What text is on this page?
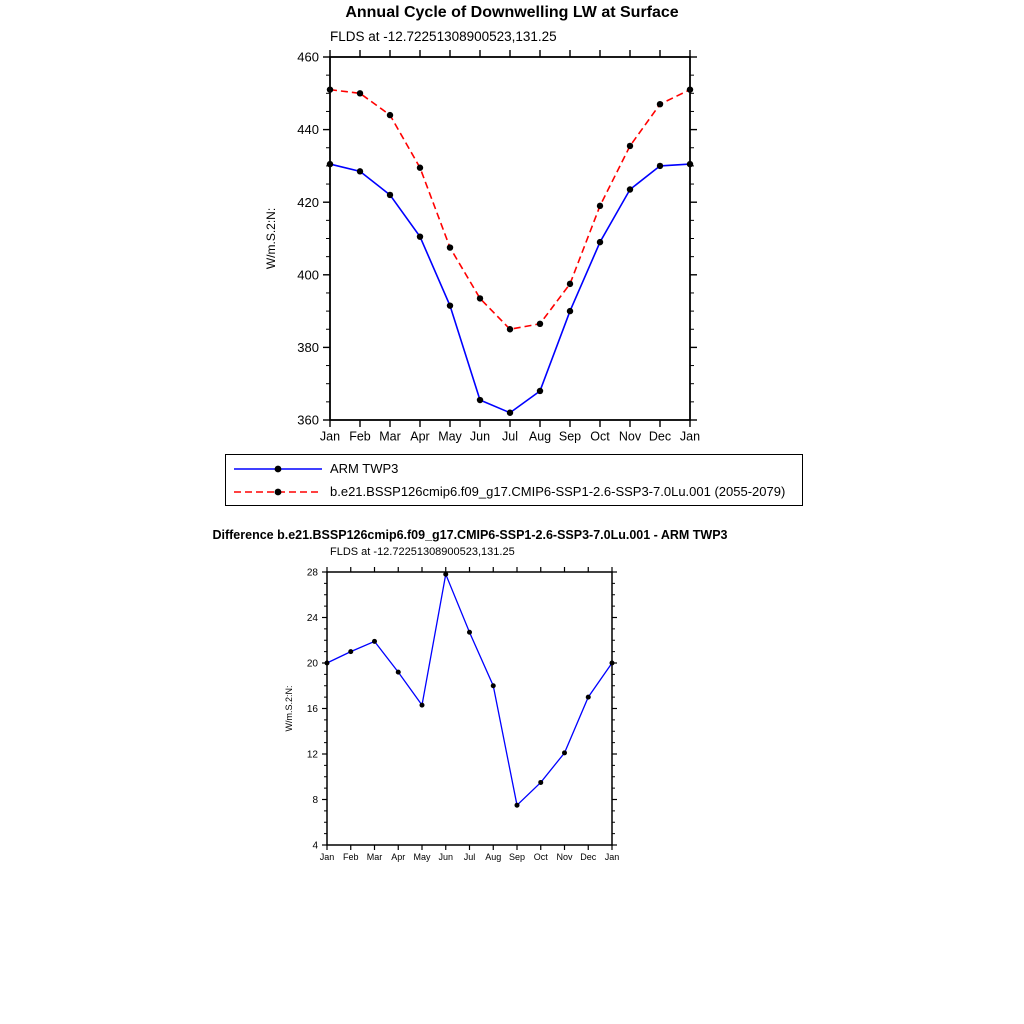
Annual Cycle of Downwelling LW at Surface
FLDS at -12.72251308900523,131.25
360
380
400
420
440
460
Jan Feb Mar Apr May Jun Jul Aug Sep Oct Nov Dec Jan
W/m.S.2:N:
ARM TWP3
b.e21.BSSP126cmip6.f09_g17.CMIP6-SSP1-2.6-SSP3-7.0Lu.001 (2055-2079)
Difference b.e21.BSSP126cmip6.f09_g17.CMIP6-SSP1-2.6-SSP3-7.0Lu.001 - ARM TWP3
FLDS at -12.72251308900523,131.25
4
8
12
16
20
24
28
Jan Feb Mar Apr May Jun Jul Aug Sep Oct Nov Dec Jan
W/m.S.2:N:
